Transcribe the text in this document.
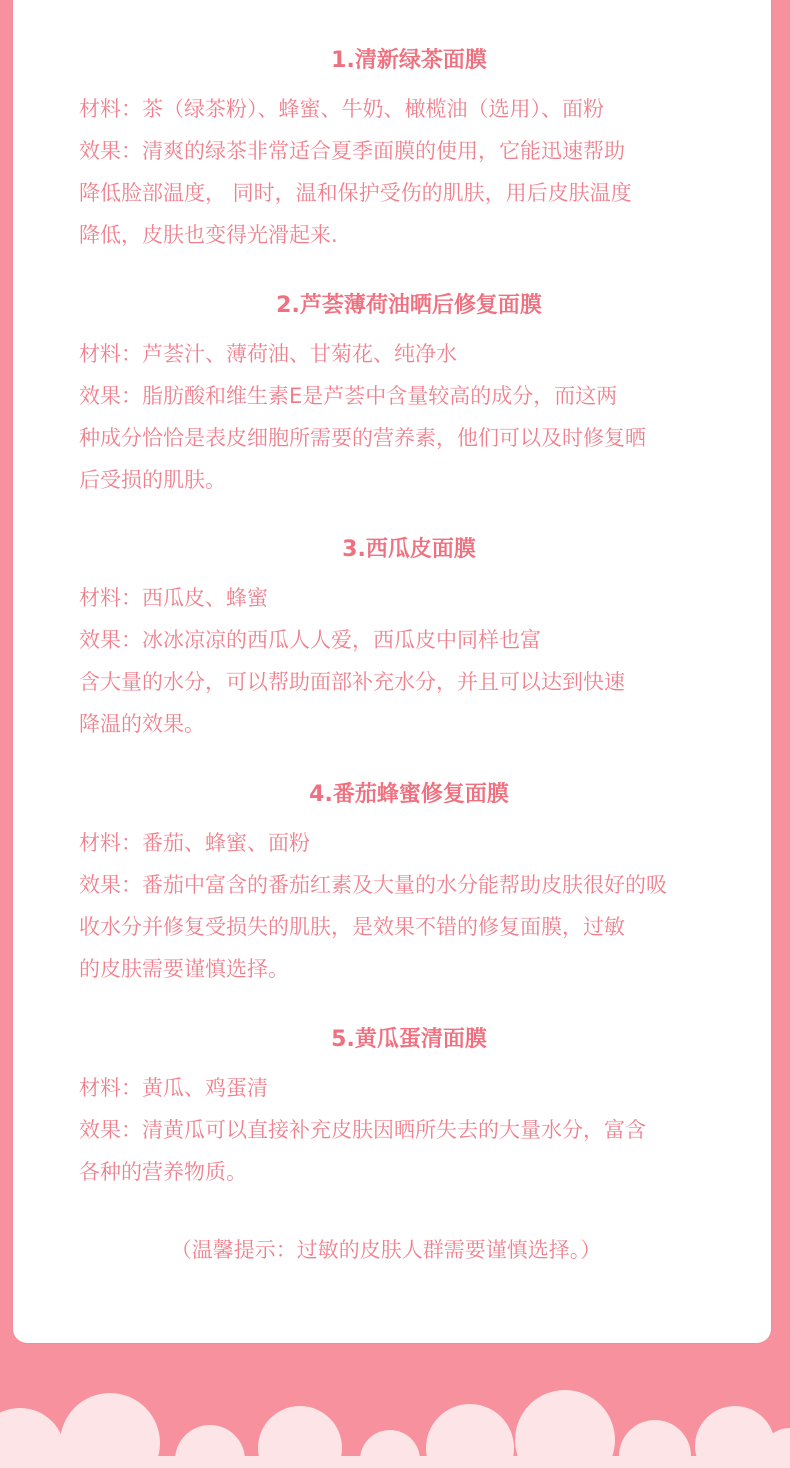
1.清新绿茶面膜

材料：茶（绿茶粉）、蜂蜜、牛奶、橄榄油（选用）、面粉

效果：清爽的绿茶非常适合夏季面膜的使用，它能迅速帮助

降低脸部温度， 同时，温和保护受伤的肌肤，用后皮肤温度

降低，皮肤也变得光滑起来.

2.芦荟薄荷油晒后修复面膜

材料：芦荟汁、薄荷油、甘菊花、纯净水

效果：脂肪酸和维生素E是芦荟中含量较高的成分，而这两

种成分恰恰是表皮细胞所需要的营养素，他们可以及时修复晒

后受损的肌肤。

3.西瓜皮面膜

材料：西瓜皮、蜂蜜

效果：冰冰凉凉的西瓜人人爱，西瓜皮中同样也富

含大量的水分，可以帮助面部补充水分，并且可以达到快速

降温的效果。

4.番茄蜂蜜修复面膜

材料：番茄、蜂蜜、面粉

效果：番茄中富含的番茄红素及大量的水分能帮助皮肤很好的吸

收水分并修复受损失的肌肤，是效果不错的修复面膜，过敏

的皮肤需要谨慎选择。

5.黄瓜蛋清面膜

材料：黄瓜、鸡蛋清

效果：清黄瓜可以直接补充皮肤因晒所失去的大量水分，富含

各种的营养物质。

（温馨提示：过敏的皮肤人群需要谨慎选择。）
